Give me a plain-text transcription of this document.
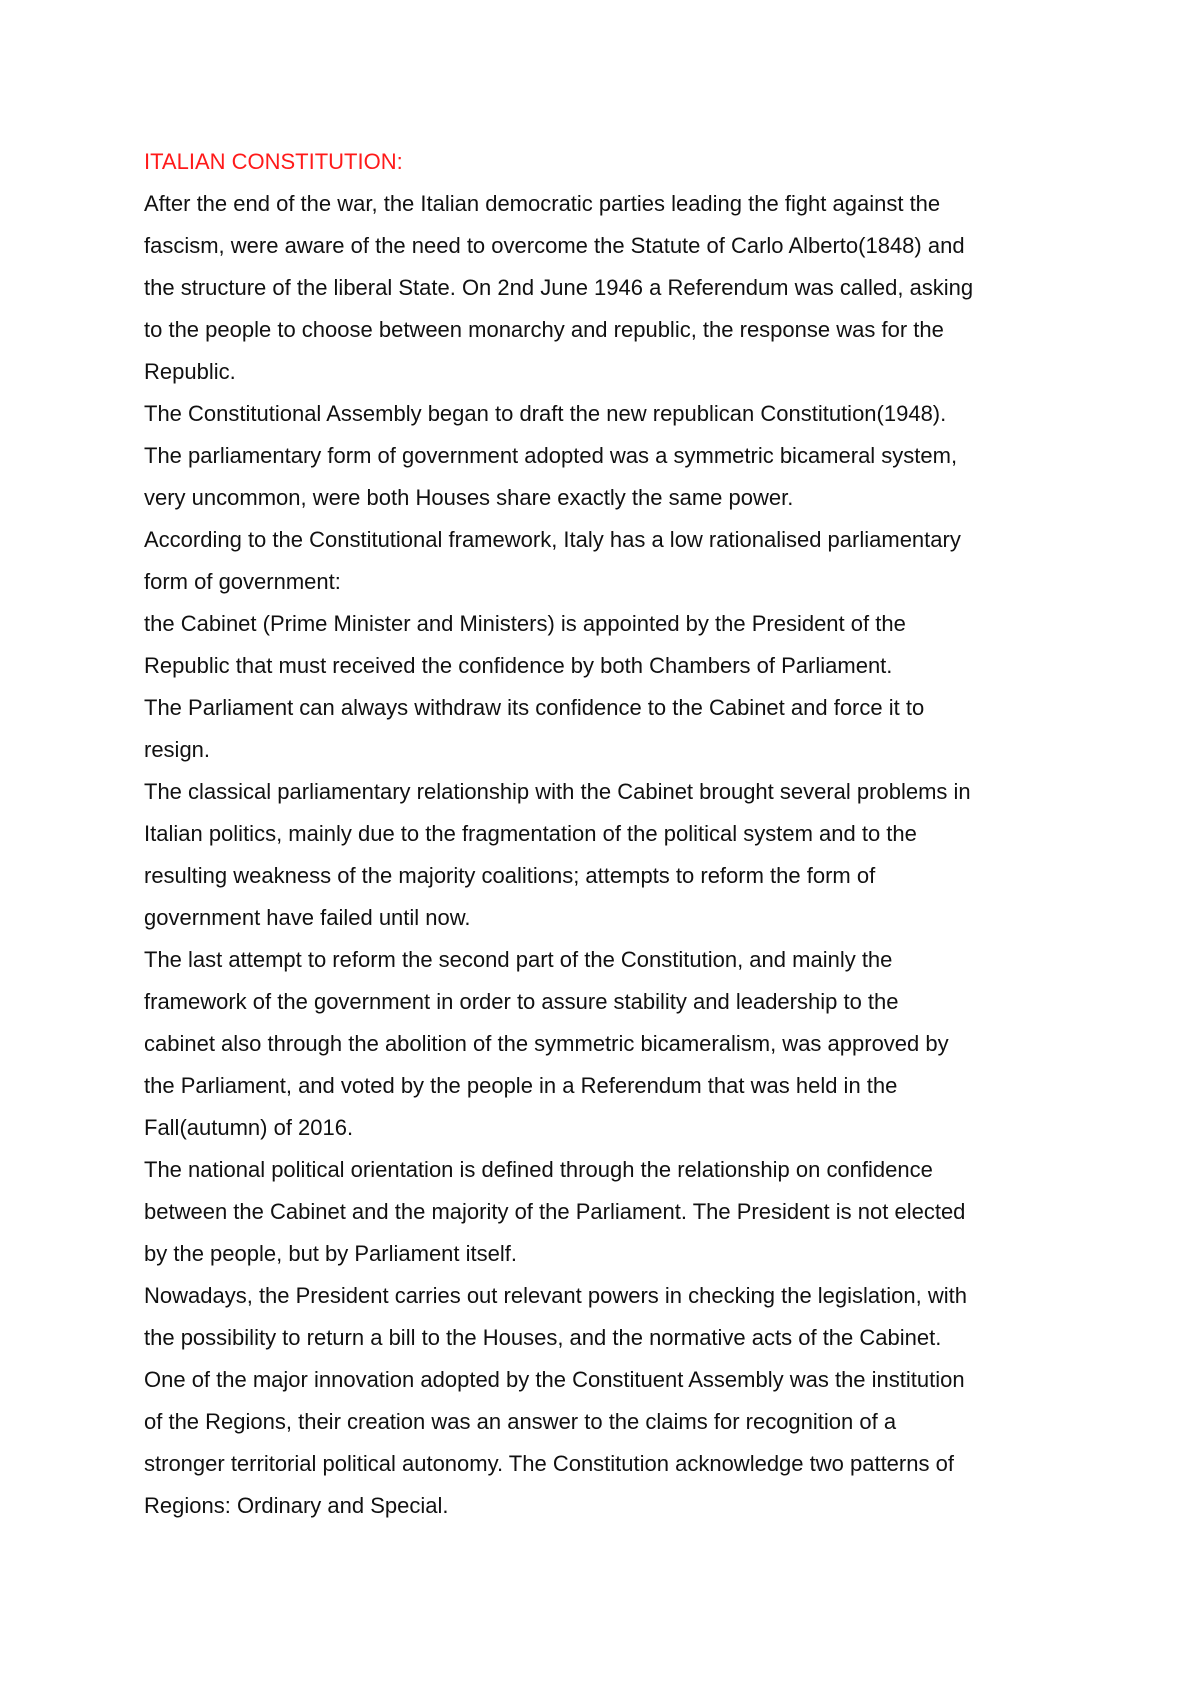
ITALIAN CONSTITUTION:
After the end of the war, the Italian democratic parties leading the fight against the
fascism, were aware of the need to overcome the Statute of Carlo Alberto(1848) and
the structure of the liberal State. On 2nd June 1946 a Referendum was called, asking
to the people to choose between monarchy and republic, the response was for the
Republic.
The Constitutional Assembly began to draft the new republican Constitution(1948).
The parliamentary form of government adopted was a symmetric bicameral system,
very uncommon, were both Houses share exactly the same power.
According to the Constitutional framework, Italy has a low rationalised parliamentary
form of government:
the Cabinet (Prime Minister and Ministers) is appointed by the President of the
Republic that must received the confidence by both Chambers of Parliament.
The Parliament can always withdraw its confidence to the Cabinet and force it to
resign.
The classical parliamentary relationship with the Cabinet brought several problems in
Italian politics, mainly due to the fragmentation of the political system and to the
resulting weakness of the majority coalitions; attempts to reform the form of
government have failed until now.
The last attempt to reform the second part of the Constitution, and mainly the
framework of the government in order to assure stability and leadership to the
cabinet also through the abolition of the symmetric bicameralism, was approved by
the Parliament, and voted by the people in a Referendum that was held in the
Fall(autumn) of 2016.
The national political orientation is defined through the relationship on confidence
between the Cabinet and the majority of the Parliament. The President is not elected
by the people, but by Parliament itself.
Nowadays, the President carries out relevant powers in checking the legislation, with
the possibility to return a bill to the Houses, and the normative acts of the Cabinet.
One of the major innovation adopted by the Constituent Assembly was the institution
of the Regions, their creation was an answer to the claims for recognition of a
stronger territorial political autonomy. The Constitution acknowledge two patterns of
Regions: Ordinary and Special.
